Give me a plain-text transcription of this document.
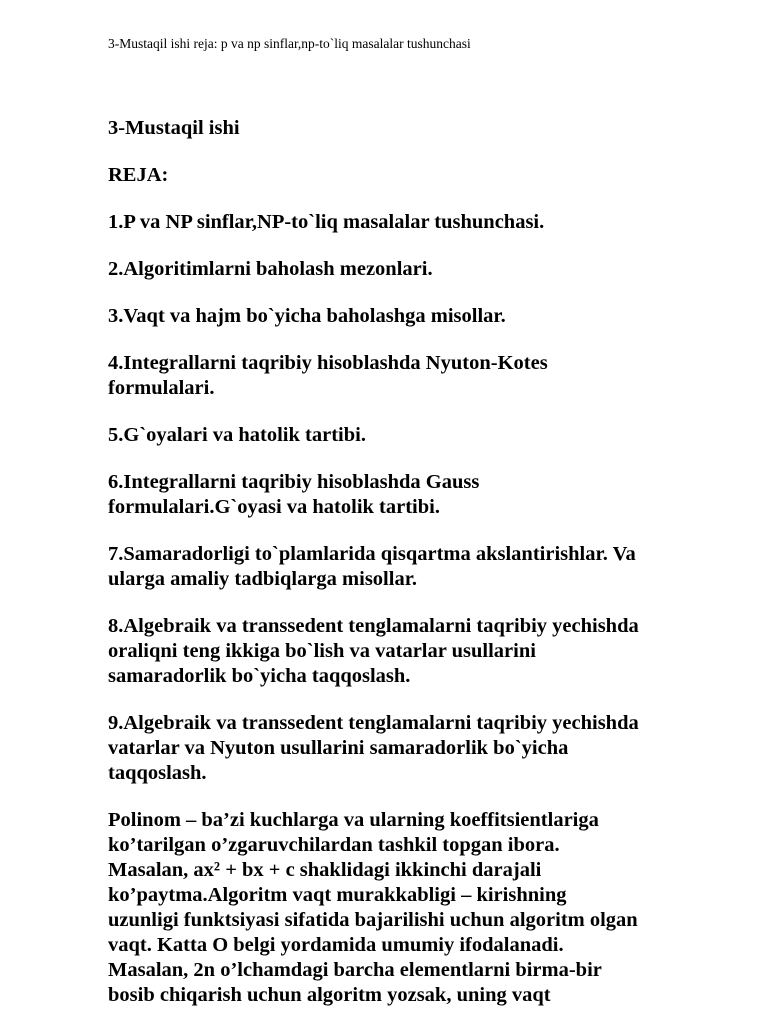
3-Mustaqil ishi reja: p va np sinflar,np-to`liq masalalar tushunchasi

3-Mustaqil ishi

REJA:

1.P va NP sinflar,NP-to`liq masalalar tushunchasi.

2.Algoritimlarni baholash mezonlari.

3.Vaqt va hajm bo`yicha baholashga misollar.

4.Integrallarni taqribiy hisoblashda Nyuton-Kotes
formulalari.

5.G`oyalari va hatolik tartibi.

6.Integrallarni taqribiy hisoblashda Gauss
formulalari.G`oyasi va hatolik tartibi.

7.Samaradorligi to`plamlarida qisqartma akslantirishlar. Va
ularga amaliy tadbiqlarga misollar.

8.Algebraik va transsedent tenglamalarni taqribiy yechishda
oraliqni teng ikkiga bo`lish va vatarlar usullarini
samaradorlik bo`yicha taqqoslash.

9.Algebraik va transsedent tenglamalarni taqribiy yechishda
vatarlar va Nyuton usullarini samaradorlik bo`yicha
taqqoslash.

Polinom – ba’zi kuchlarga va ularning koeffitsientlariga
ko’tarilgan o’zgaruvchilardan tashkil topgan ibora.
Masalan, ax² + bx + c shaklidagi ikkinchi darajali
ko’paytma.Algoritm vaqt murakkabligi – kirishning
uzunligi funktsiyasi sifatida bajarilishi uchun algoritm olgan
vaqt. Katta O belgi yordamida umumiy ifodalanadi.
Masalan, 2n o’lchamdagi barcha elementlarni birma-bir
bosib chiqarish uchun algoritm yozsak, uning vaqt
